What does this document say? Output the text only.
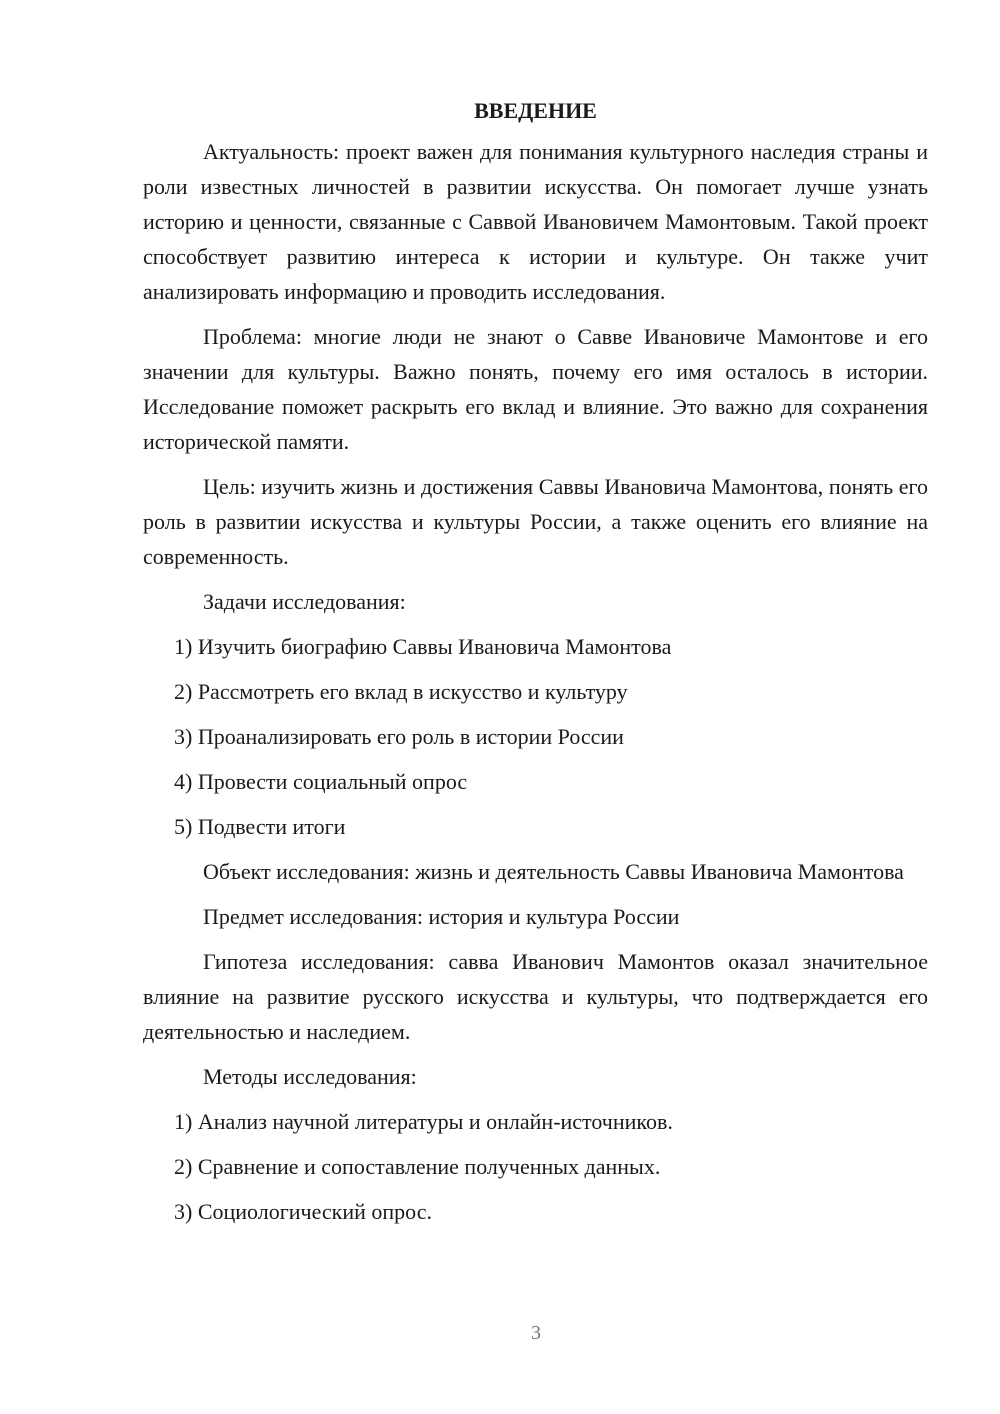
ВВЕДЕНИЕ

Актуальность: проект важен для понимания культурного наследия страны и роли известных личностей в развитии искусства. Он помогает лучше узнать историю и ценности, связанные с Саввой Ивановичем Мамонтовым. Такой проект способствует развитию интереса к истории и культуре. Он также учит анализировать информацию и проводить исследования.

Проблема: многие люди не знают о Савве Ивановиче Мамонтове и его значении для культуры. Важно понять, почему его имя осталось в истории. Исследование поможет раскрыть его вклад и влияние. Это важно для сохранения исторической памяти.

Цель: изучить жизнь и достижения Саввы Ивановича Мамонтова, понять его роль в развитии искусства и культуры России, а также оценить его влияние на современность.

Задачи исследования:

1) Изучить биографию Саввы Ивановича Мамонтова
2) Рассмотреть его вклад в искусство и культуру
3) Проанализировать его роль в истории России
4) Провести социальный опрос
5) Подвести итоги

Объект исследования: жизнь и деятельность Саввы Ивановича Мамонтова

Предмет исследования: история и культура России

Гипотеза исследования: савва Иванович Мамонтов оказал значительное влияние на развитие русского искусства и культуры, что подтверждается его деятельностью и наследием.

Методы исследования:

1) Анализ научной литературы и онлайн-источников.
2) Сравнение и сопоставление полученных данных.
3) Социологический опрос.
3
